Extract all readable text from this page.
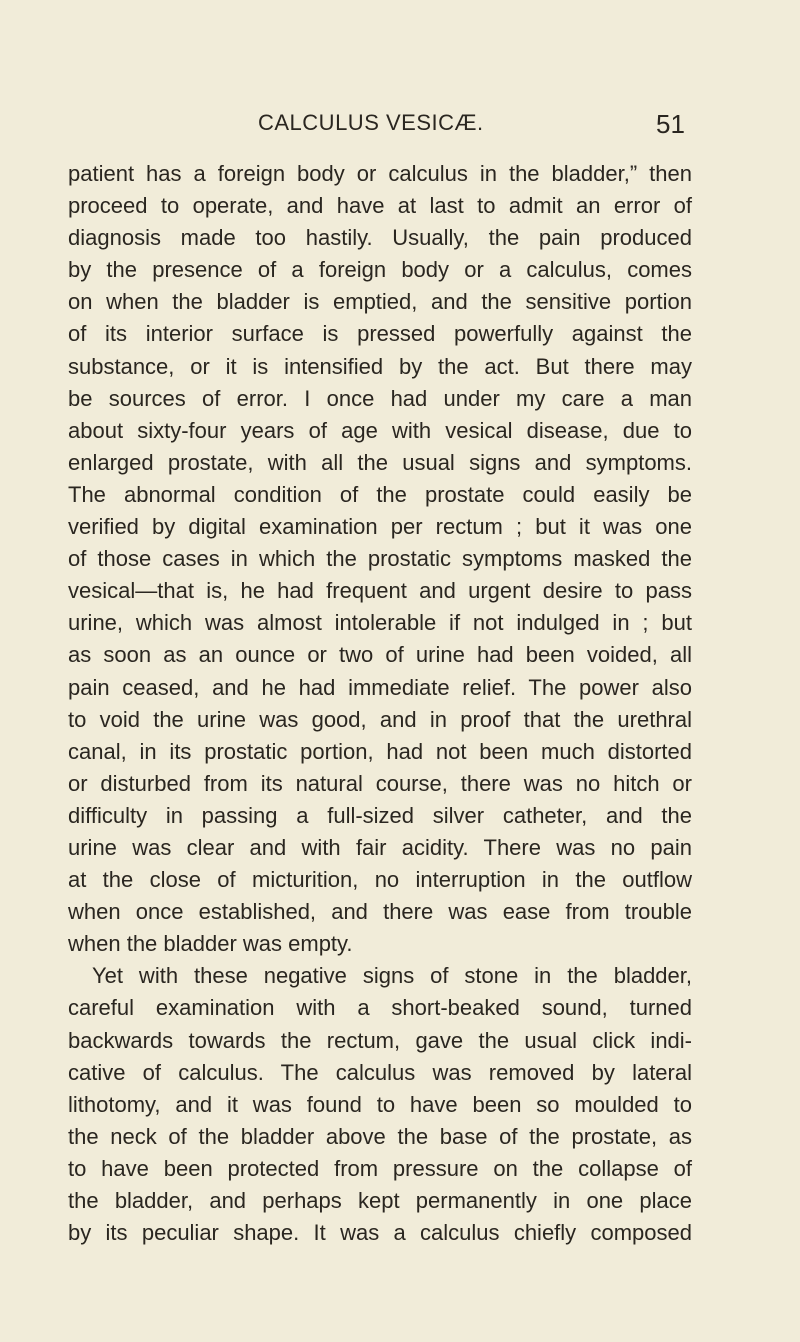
CALCULUS VESICÆ.	51
patient has a foreign body or calculus in the bladder,” then
proceed to operate, and have at last to admit an error of
diagnosis made too hastily. Usually, the pain produced
by the presence of a foreign body or a calculus, comes
on when the bladder is emptied, and the sensitive portion
of its interior surface is pressed powerfully against the
substance, or it is intensified by the act. But there may
be sources of error. I once had under my care a man
about sixty-four years of age with vesical disease, due to
enlarged prostate, with all the usual signs and symptoms.
The abnormal condition of the prostate could easily be
verified by digital examination per rectum ; but it was one
of those cases in which the prostatic symptoms masked the
vesical—that is, he had frequent and urgent desire to pass
urine, which was almost intolerable if not indulged in ; but
as soon as an ounce or two of urine had been voided, all
pain ceased, and he had immediate relief. The power also
to void the urine was good, and in proof that the urethral
canal, in its prostatic portion, had not been much distorted
or disturbed from its natural course, there was no hitch or
difficulty in passing a full-sized silver catheter, and the
urine was clear and with fair acidity. There was no pain
at the close of micturition, no interruption in the outflow
when once established, and there was ease from trouble
when the bladder was empty.
Yet with these negative signs of stone in the bladder,
careful examination with a short-beaked sound, turned
backwards towards the rectum, gave the usual click indi-
cative of calculus. The calculus was removed by lateral
lithotomy, and it was found to have been so moulded to
the neck of the bladder above the base of the prostate, as
to have been protected from pressure on the collapse of
the bladder, and perhaps kept permanently in one place
by its peculiar shape. It was a calculus chiefly composed
